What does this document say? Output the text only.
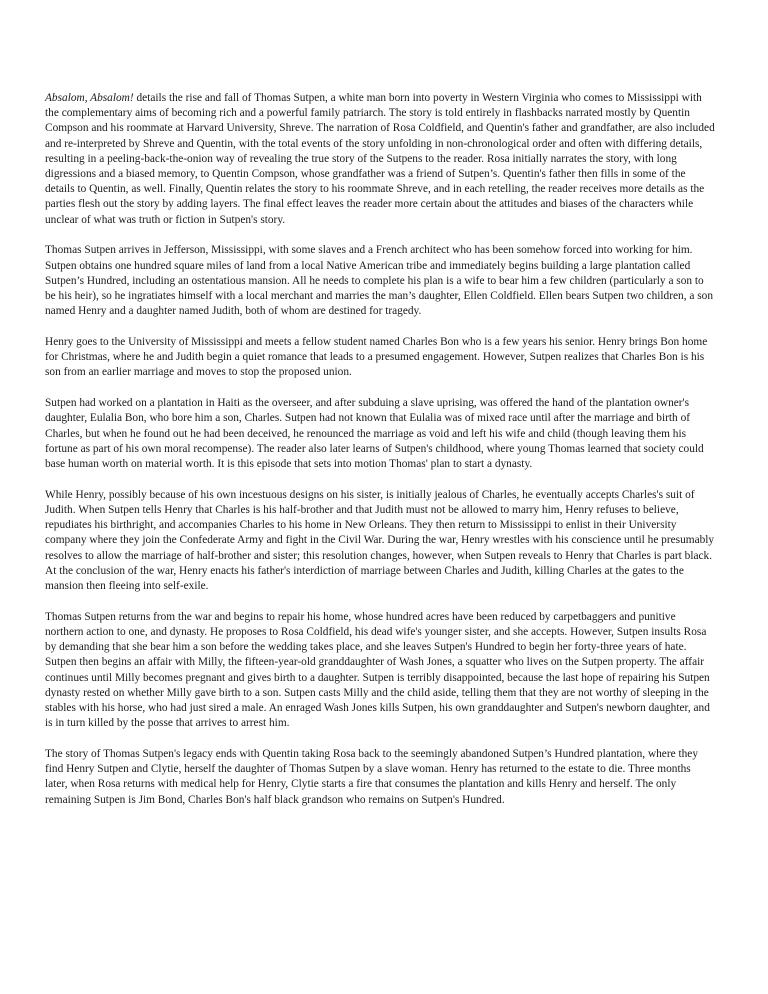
Absalom, Absalom! details the rise and fall of Thomas Sutpen, a white man born into poverty in Western Virginia who comes to Mississippi with the complementary aims of becoming rich and a powerful family patriarch. The story is told entirely in flashbacks narrated mostly by Quentin Compson and his roommate at Harvard University, Shreve. The narration of Rosa Coldfield, and Quentin's father and grandfather, are also included and re-interpreted by Shreve and Quentin, with the total events of the story unfolding in non-chronological order and often with differing details, resulting in a peeling-back-the-onion way of revealing the true story of the Sutpens to the reader. Rosa initially narrates the story, with long digressions and a biased memory, to Quentin Compson, whose grandfather was a friend of Sutpen’s. Quentin's father then fills in some of the details to Quentin, as well. Finally, Quentin relates the story to his roommate Shreve, and in each retelling, the reader receives more details as the parties flesh out the story by adding layers. The final effect leaves the reader more certain about the attitudes and biases of the characters while unclear of what was truth or fiction in Sutpen's story.

Thomas Sutpen arrives in Jefferson, Mississippi, with some slaves and a French architect who has been somehow forced into working for him. Sutpen obtains one hundred square miles of land from a local Native American tribe and immediately begins building a large plantation called Sutpen’s Hundred, including an ostentatious mansion. All he needs to complete his plan is a wife to bear him a few children (particularly a son to be his heir), so he ingratiates himself with a local merchant and marries the man’s daughter, Ellen Coldfield. Ellen bears Sutpen two children, a son named Henry and a daughter named Judith, both of whom are destined for tragedy.

Henry goes to the University of Mississippi and meets a fellow student named Charles Bon who is a few years his senior. Henry brings Bon home for Christmas, where he and Judith begin a quiet romance that leads to a presumed engagement. However, Sutpen realizes that Charles Bon is his son from an earlier marriage and moves to stop the proposed union.

Sutpen had worked on a plantation in Haiti as the overseer, and after subduing a slave uprising, was offered the hand of the plantation owner's daughter, Eulalia Bon, who bore him a son, Charles. Sutpen had not known that Eulalia was of mixed race until after the marriage and birth of Charles, but when he found out he had been deceived, he renounced the marriage as void and left his wife and child (though leaving them his fortune as part of his own moral recompense). The reader also later learns of Sutpen's childhood, where young Thomas learned that society could base human worth on material worth. It is this episode that sets into motion Thomas' plan to start a dynasty.

While Henry, possibly because of his own incestuous designs on his sister, is initially jealous of Charles, he eventually accepts Charles's suit of Judith. When Sutpen tells Henry that Charles is his half-brother and that Judith must not be allowed to marry him, Henry refuses to believe, repudiates his birthright, and accompanies Charles to his home in New Orleans. They then return to Mississippi to enlist in their University company where they join the Confederate Army and fight in the Civil War. During the war, Henry wrestles with his conscience until he presumably resolves to allow the marriage of half-brother and sister; this resolution changes, however, when Sutpen reveals to Henry that Charles is part black. At the conclusion of the war, Henry enacts his father's interdiction of marriage between Charles and Judith, killing Charles at the gates to the mansion then fleeing into self-exile.

Thomas Sutpen returns from the war and begins to repair his home, whose hundred acres have been reduced by carpetbaggers and punitive northern action to one, and dynasty. He proposes to Rosa Coldfield, his dead wife's younger sister, and she accepts. However, Sutpen insults Rosa by demanding that she bear him a son before the wedding takes place, and she leaves Sutpen's Hundred to begin her forty-three years of hate. Sutpen then begins an affair with Milly, the fifteen-year-old granddaughter of Wash Jones, a squatter who lives on the Sutpen property. The affair continues until Milly becomes pregnant and gives birth to a daughter. Sutpen is terribly disappointed, because the last hope of repairing his Sutpen dynasty rested on whether Milly gave birth to a son. Sutpen casts Milly and the child aside, telling them that they are not worthy of sleeping in the stables with his horse, who had just sired a male. An enraged Wash Jones kills Sutpen, his own granddaughter and Sutpen's newborn daughter, and is in turn killed by the posse that arrives to arrest him.

The story of Thomas Sutpen's legacy ends with Quentin taking Rosa back to the seemingly abandoned Sutpen’s Hundred plantation, where they find Henry Sutpen and Clytie, herself the daughter of Thomas Sutpen by a slave woman. Henry has returned to the estate to die. Three months later, when Rosa returns with medical help for Henry, Clytie starts a fire that consumes the plantation and kills Henry and herself. The only remaining Sutpen is Jim Bond, Charles Bon's half black grandson who remains on Sutpen's Hundred.
